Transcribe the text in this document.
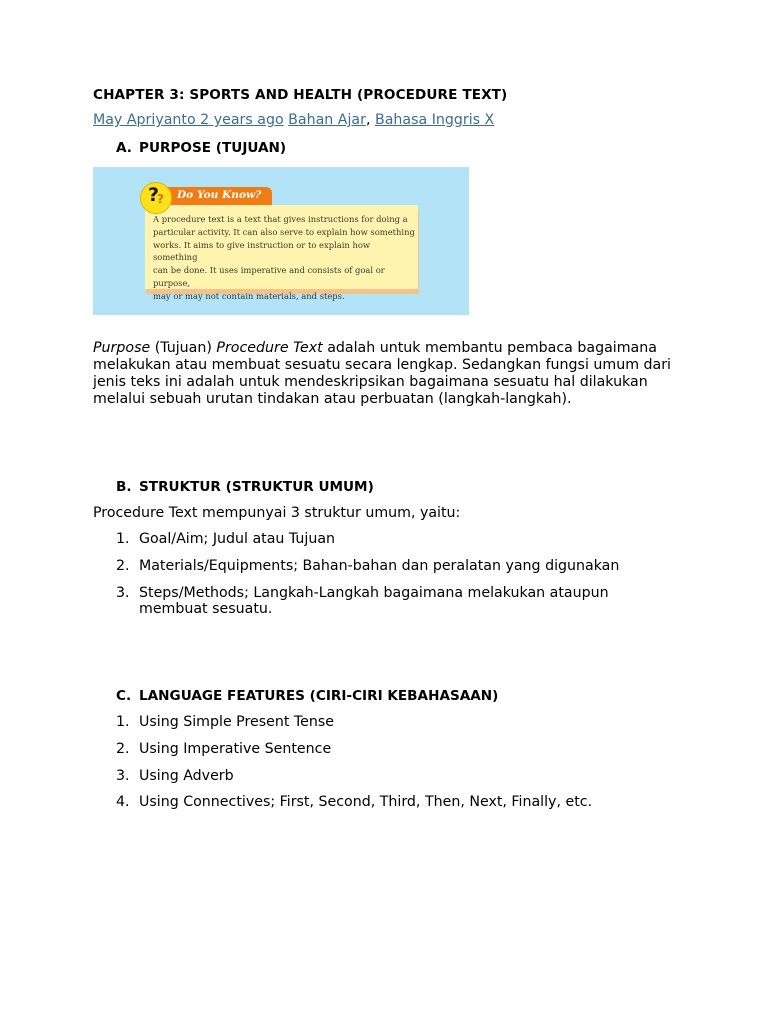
CHAPTER 3: SPORTS AND HEALTH (PROCEDURE TEXT)
May Apriyanto 2 years ago Bahan Ajar, Bahasa Inggris X
A. PURPOSE (TUJUAN)
A procedure text is a text that gives instructions for doing a
particular activity. It can also serve to explain how something
works. It aims to give instruction or to explain how something
can be done. It uses imperative and consists of goal or purpose,
may or may not contain materials, and steps.
Do You Know?
?
?
Purpose (Tujuan) Procedure Text adalah untuk membantu pembaca bagaimana melakukan atau membuat sesuatu secara lengkap. Sedangkan fungsi umum dari jenis teks ini adalah untuk mendeskripsikan bagaimana sesuatu hal dilakukan melalui sebuah urutan tindakan atau perbuatan (langkah-langkah).
B. STRUKTUR (STRUKTUR UMUM)
Procedure Text mempunyai 3 struktur umum, yaitu:
1. Goal/Aim; Judul atau Tujuan
2. Materials/Equipments; Bahan-bahan dan peralatan yang digunakan
3. Steps/Methods; Langkah-Langkah bagaimana melakukan ataupun
membuat sesuatu.
C. LANGUAGE FEATURES (CIRI-CIRI KEBAHASAAN)
1. Using Simple Present Tense
2. Using Imperative Sentence
3. Using Adverb
4. Using Connectives; First, Second, Third, Then, Next, Finally, etc.
